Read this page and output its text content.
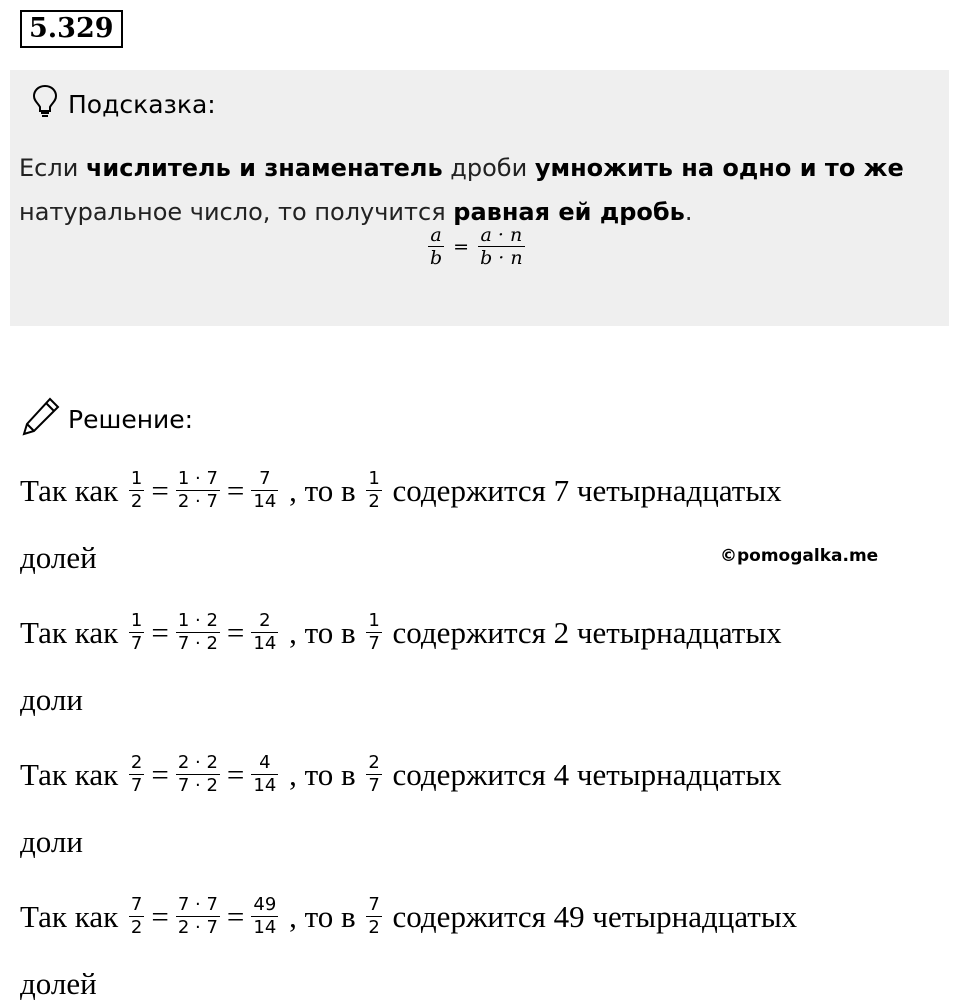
5.329
Подсказка:
Если числитель и знаменатель дроби умножить на одно и то же натуральное число, то получится равная ей дробь.
$\frac{a}{b} = \frac{a \cdot n}{b \cdot n}$
Решение:
©pomogalka.me
Так как
$\frac{1}{2} = \frac{1 \cdot 7}{2 \cdot 7} = \frac{7}{14}$
, то в
$\frac{1}{2}$
содержится 7 четырнадцатых
долей
Так как
$\frac{1}{7} = \frac{1 \cdot 2}{7 \cdot 2} = \frac{2}{14}$
, то в
$\frac{1}{7}$
содержится 2 четырнадцатых
доли
Так как
$\frac{2}{7} = \frac{2 \cdot 2}{7 \cdot 2} = \frac{4}{14}$
, то в
$\frac{2}{7}$
содержится 4 четырнадцатых
доли
Так как
$\frac{7}{2} = \frac{7 \cdot 7}{2 \cdot 7} = \frac{49}{14}$
, то в
$\frac{7}{2}$
содержится 49 четырнадцатых
долей
